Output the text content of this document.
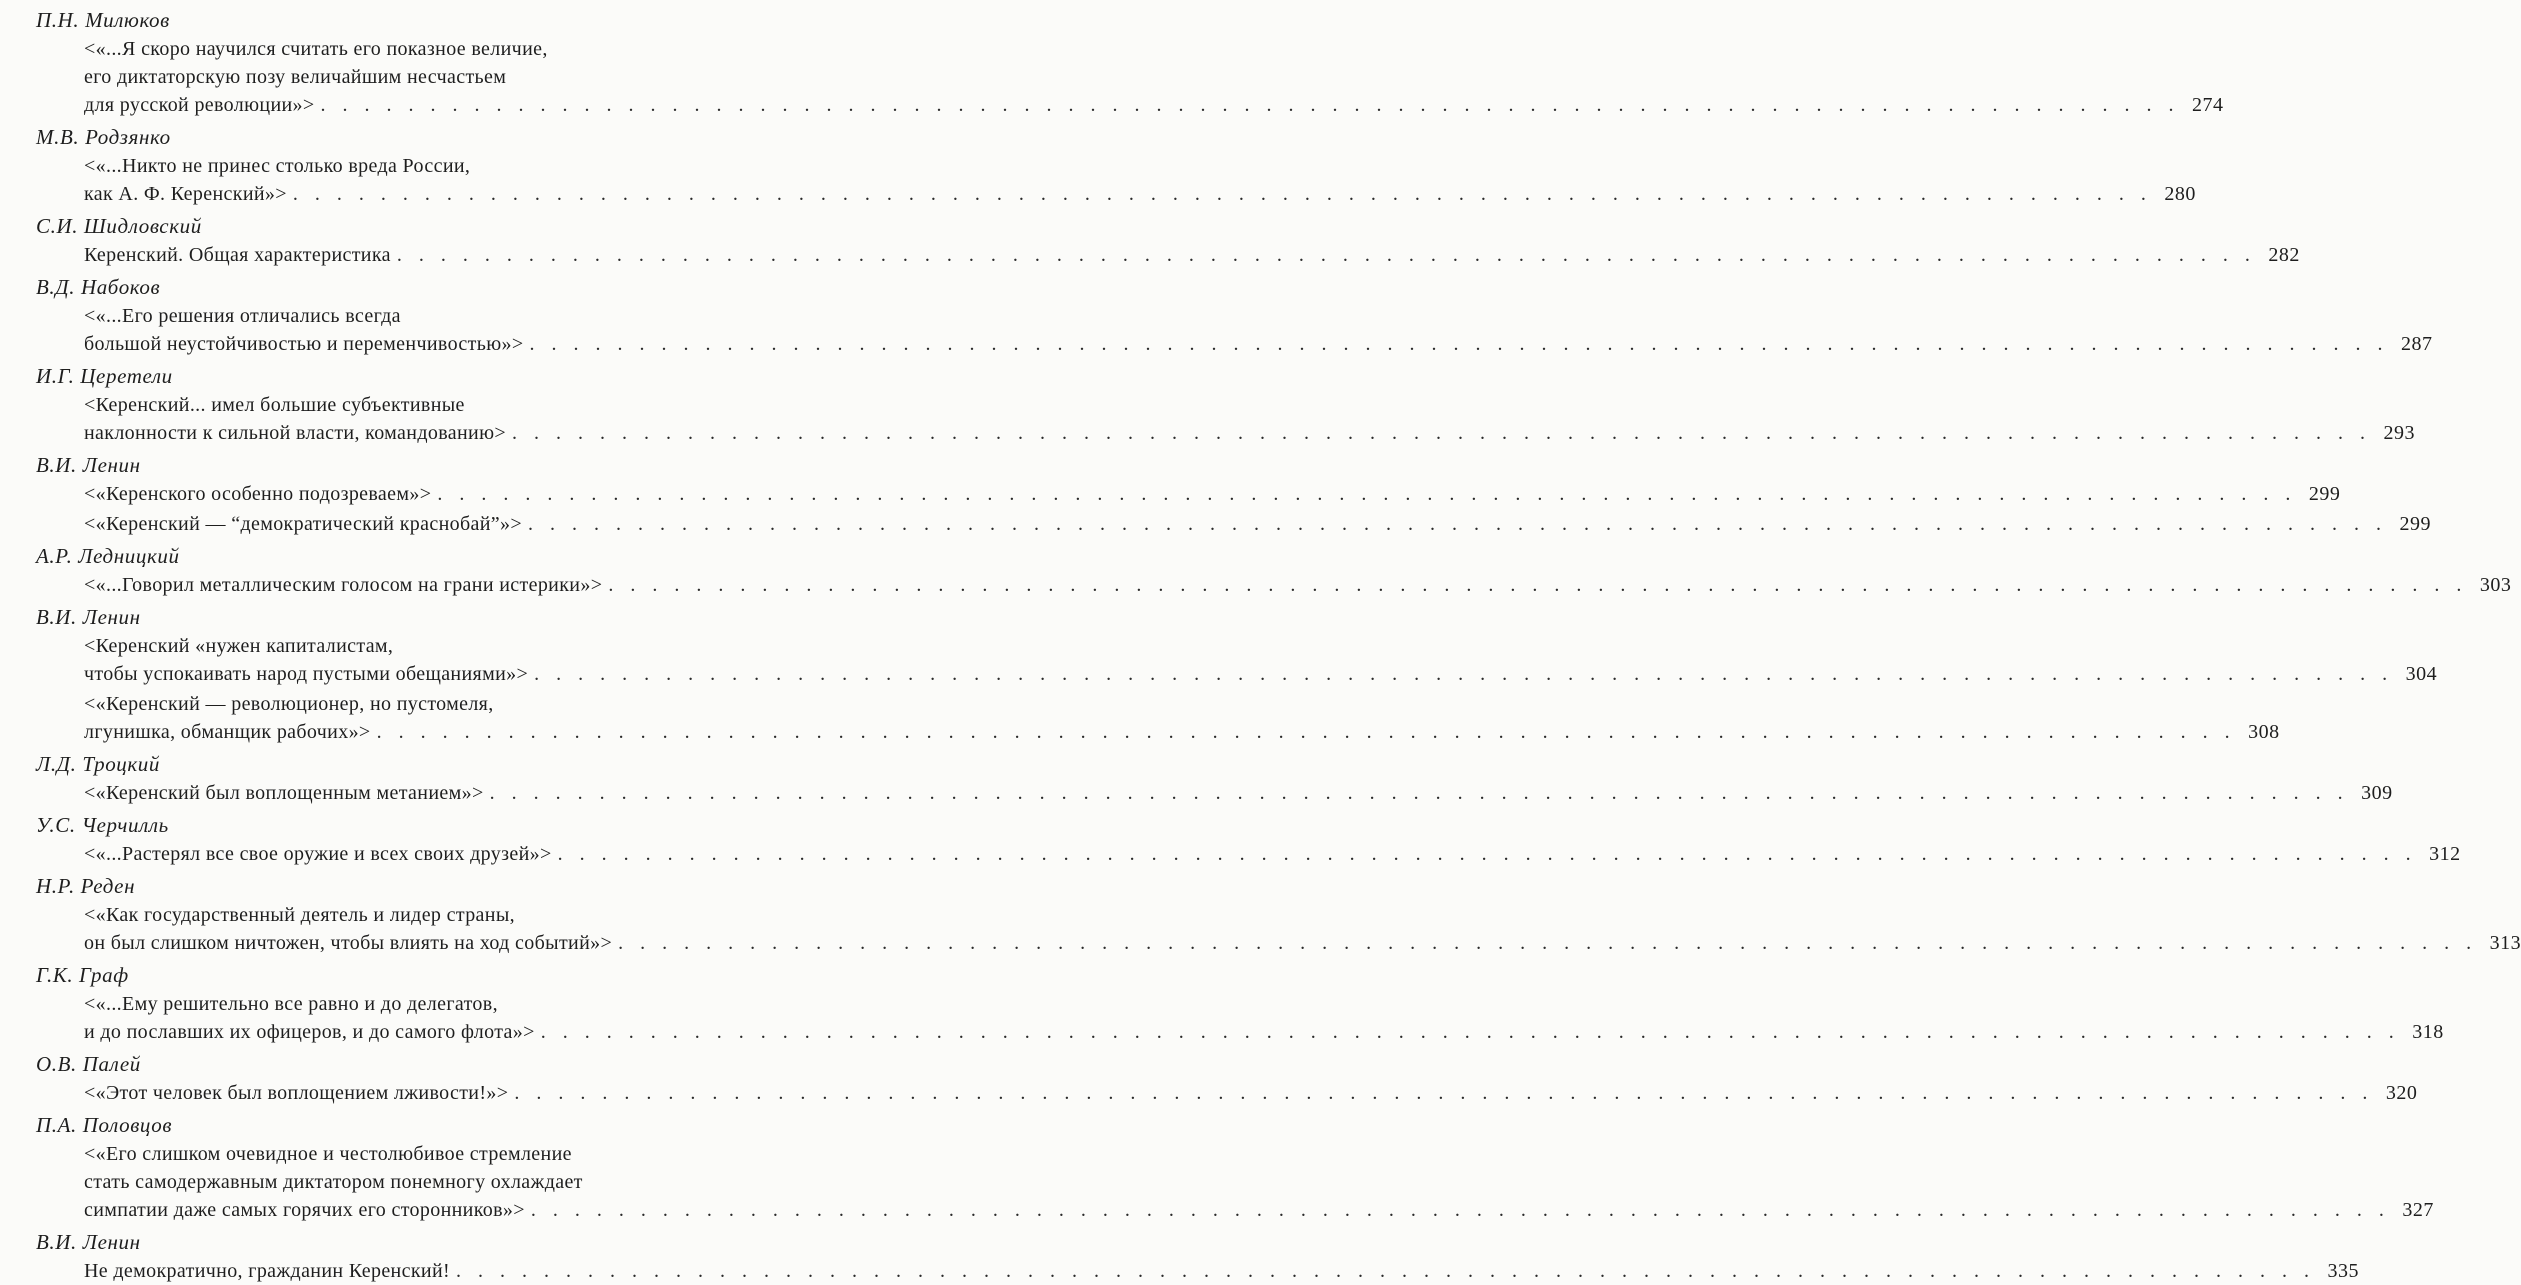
П.Н. Милюков
<«...Я скоро научился считать его показное величие,
его диктаторскую позу величайшим несчастьем
для русской революции»> . . . . . . . . . . . . . . . . . . . . . . . . . . . . . . . . . . . . . . . . . . . . . . . . . . . . . . . . . . . . . . . . . . . . . . . . . . . . . . . . . . . . . 274
М.В. Родзянко
<«...Никто не принес столько вреда России,
как А. Ф. Керенский»> . . . . . . . . . . . . . . . . . . . . . . . . . . . . . . . . . . . . . . . . . . . . . . . . . . . . . . . . . . . . . . . . . . . . . . . . . . . . . . . . . . . . . 280
С.И. Шидловский
Керенский. Общая характеристика . . . . . . . . . . . . . . . . . . . . . . . . . . . . . . . . . . . . . . . . . . . . . . . . . . . . . . . . . . . . . . . . . . . . . . . . . . . . . . . . . . . . . 282
В.Д. Набоков
<«...Его решения отличались всегда
большой неустойчивостью и переменчивостью»> . . . . . . . . . . . . . . . . . . . . . . . . . . . . . . . . . . . . . . . . . . . . . . . . . . . . . . . . . . . . . . . . . . . . . . . . . . . . . . . . . . . . . 287
И.Г. Церетели
<Керенский... имел большие субъективные
наклонности к сильной власти, командованию> . . . . . . . . . . . . . . . . . . . . . . . . . . . . . . . . . . . . . . . . . . . . . . . . . . . . . . . . . . . . . . . . . . . . . . . . . . . . . . . . . . . . . 293
В.И. Ленин
<«Керенского особенно подозреваем»> . . . . . . . . . . . . . . . . . . . . . . . . . . . . . . . . . . . . . . . . . . . . . . . . . . . . . . . . . . . . . . . . . . . . . . . . . . . . . . . . . . . . . 299
<«Керенский — “демократический краснобай”»> . . . . . . . . . . . . . . . . . . . . . . . . . . . . . . . . . . . . . . . . . . . . . . . . . . . . . . . . . . . . . . . . . . . . . . . . . . . . . . . . . . . . . 299
А.Р. Ледницкий
<«...Говорил металлическим голосом на грани истерики»> . . . . . . . . . . . . . . . . . . . . . . . . . . . . . . . . . . . . . . . . . . . . . . . . . . . . . . . . . . . . . . . . . . . . . . . . . . . . . . . . . . . . . 303
В.И. Ленин
<Керенский «нужен капиталистам,
чтобы успокаивать народ пустыми обещаниями»> . . . . . . . . . . . . . . . . . . . . . . . . . . . . . . . . . . . . . . . . . . . . . . . . . . . . . . . . . . . . . . . . . . . . . . . . . . . . . . . . . . . . . 304
<«Керенский — революционер, но пустомеля,
лгунишка, обманщик рабочих»> . . . . . . . . . . . . . . . . . . . . . . . . . . . . . . . . . . . . . . . . . . . . . . . . . . . . . . . . . . . . . . . . . . . . . . . . . . . . . . . . . . . . . 308
Л.Д. Троцкий
<«Керенский был воплощенным метанием»> . . . . . . . . . . . . . . . . . . . . . . . . . . . . . . . . . . . . . . . . . . . . . . . . . . . . . . . . . . . . . . . . . . . . . . . . . . . . . . . . . . . . . 309
У.С. Черчилль
<«...Растерял все свое оружие и всех своих друзей»> . . . . . . . . . . . . . . . . . . . . . . . . . . . . . . . . . . . . . . . . . . . . . . . . . . . . . . . . . . . . . . . . . . . . . . . . . . . . . . . . . . . . . 312
Н.Р. Реден
<«Как государственный деятель и лидер страны,
он был слишком ничтожен, чтобы влиять на ход событий»> . . . . . . . . . . . . . . . . . . . . . . . . . . . . . . . . . . . . . . . . . . . . . . . . . . . . . . . . . . . . . . . . . . . . . . . . . . . . . . . . . . . . . 313
Г.К. Граф
<«...Ему решительно все равно и до делегатов,
и до пославших их офицеров, и до самого флота»> . . . . . . . . . . . . . . . . . . . . . . . . . . . . . . . . . . . . . . . . . . . . . . . . . . . . . . . . . . . . . . . . . . . . . . . . . . . . . . . . . . . . . 318
О.В. Палей
<«Этот человек был воплощением лживости!»> . . . . . . . . . . . . . . . . . . . . . . . . . . . . . . . . . . . . . . . . . . . . . . . . . . . . . . . . . . . . . . . . . . . . . . . . . . . . . . . . . . . . . 320
П.А. Половцов
<«Его слишком очевидное и честолюбивое стремление
стать самодержавным диктатором понемногу охлаждает
симпатии даже самых горячих его сторонников»> . . . . . . . . . . . . . . . . . . . . . . . . . . . . . . . . . . . . . . . . . . . . . . . . . . . . . . . . . . . . . . . . . . . . . . . . . . . . . . . . . . . . . 327
В.И. Ленин
Не демократично, гражданин Керенский! . . . . . . . . . . . . . . . . . . . . . . . . . . . . . . . . . . . . . . . . . . . . . . . . . . . . . . . . . . . . . . . . . . . . . . . . . . . . . . . . . . . . . 335
